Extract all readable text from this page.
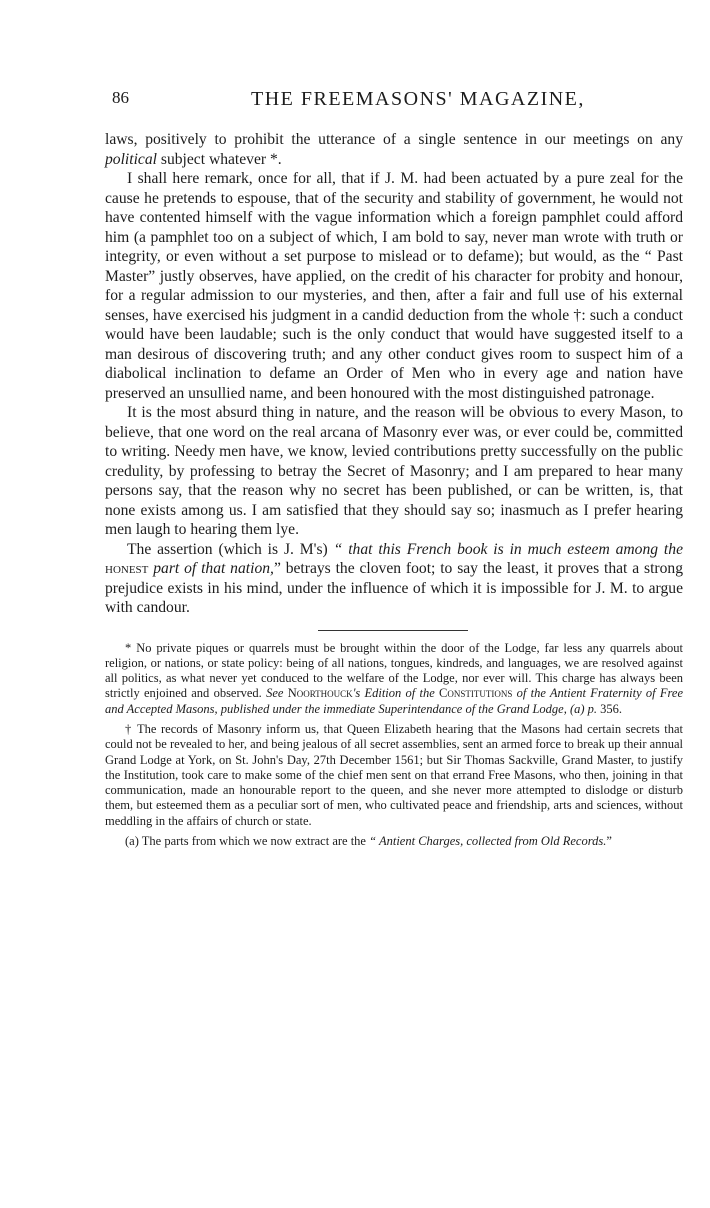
86	THE FREEMASONS' MAGAZINE,

laws, positively to prohibit the utterance of a single sentence in our meetings on any political subject whatever *.

I shall here remark, once for all, that if J. M. had been actuated by a pure zeal for the cause he pretends to espouse, that of the security and stability of government, he would not have contented himself with the vague information which a foreign pamphlet could afford him (a pamphlet too on a subject of which, I am bold to say, never man wrote with truth or integrity, or even without a set purpose to mislead or to defame); but would, as the “ Past Master” justly observes, have applied, on the credit of his character for probity and honour, for a regular admission to our mysteries, and then, after a fair and full use of his external senses, have exercised his judgment in a candid deduction from the whole †: such a conduct would have been laudable; such is the only conduct that would have suggested itself to a man desirous of discovering truth; and any other conduct gives room to suspect him of a diabolical inclination to defame an Order of Men who in every age and nation have preserved an unsullied name, and been honoured with the most distinguished patronage.

It is the most absurd thing in nature, and the reason will be obvious to every Mason, to believe, that one word on the real arcana of Masonry ever was, or ever could be, committed to writing. Needy men have, we know, levied contributions pretty successfully on the public credulity, by professing to betray the Secret of Masonry; and I am prepared to hear many persons say, that the reason why no secret has been published, or can be written, is, that none exists among us. I am satisfied that they should say so; inasmuch as I prefer hearing men laugh to hearing them lye.

The assertion (which is J. M's) “ that this French book is in much esteem among the honest part of that nation,” betrays the cloven foot; to say the least, it proves that a strong prejudice exists in his mind, under the influence of which it is impossible for J. M. to argue with candour.

* No private piques or quarrels must be brought within the door of the Lodge, far less any quarrels about religion, or nations, or state policy: being of all nations, tongues, kindreds, and languages, we are resolved against all politics, as what never yet conduced to the welfare of the Lodge, nor ever will. This charge has always been strictly enjoined and observed. See Noorthouck's Edition of the Constitutions of the Antient Fraternity of Free and Accepted Masons, published under the immediate Superintendance of the Grand Lodge, (a) p. 356.

† The records of Masonry inform us, that Queen Elizabeth hearing that the Masons had certain secrets that could not be revealed to her, and being jealous of all secret assemblies, sent an armed force to break up their annual Grand Lodge at York, on St. John's Day, 27th December 1561; but Sir Thomas Sackville, Grand Master, to justify the Institution, took care to make some of the chief men sent on that errand Free Masons, who then, joining in that communication, made an honourable report to the queen, and she never more attempted to dislodge or disturb them, but esteemed them as a peculiar sort of men, who cultivated peace and friendship, arts and sciences, without meddling in the affairs of church or state.

(a) The parts from which we now extract are the “ Antient Charges, collected from Old Records.”
